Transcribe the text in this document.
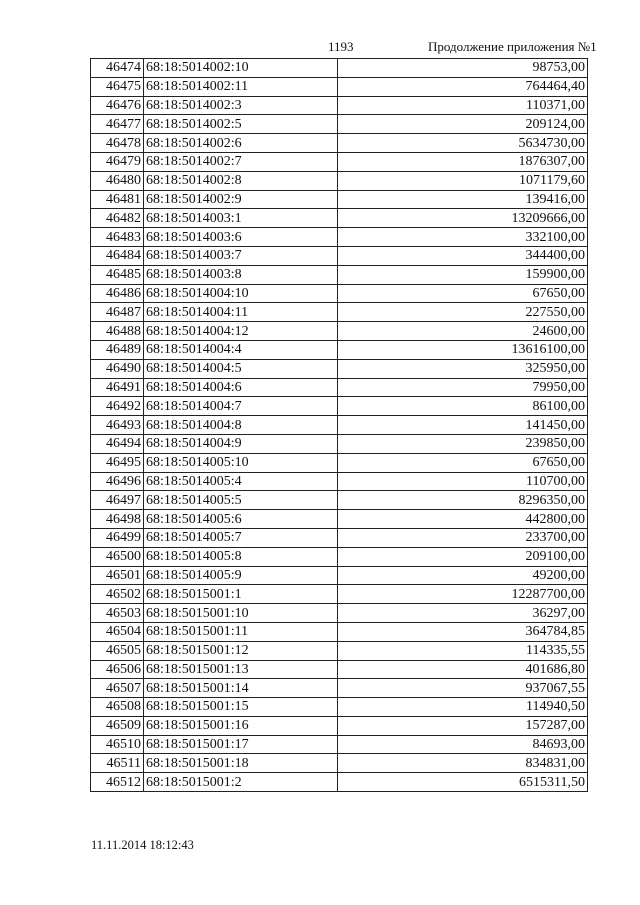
1193	Продолжение приложения №1
46474	68:18:5014002:10	98753,00
46475	68:18:5014002:11	764464,40
46476	68:18:5014002:3	110371,00
46477	68:18:5014002:5	209124,00
46478	68:18:5014002:6	5634730,00
46479	68:18:5014002:7	1876307,00
46480	68:18:5014002:8	1071179,60
46481	68:18:5014002:9	139416,00
46482	68:18:5014003:1	13209666,00
46483	68:18:5014003:6	332100,00
46484	68:18:5014003:7	344400,00
46485	68:18:5014003:8	159900,00
46486	68:18:5014004:10	67650,00
46487	68:18:5014004:11	227550,00
46488	68:18:5014004:12	24600,00
46489	68:18:5014004:4	13616100,00
46490	68:18:5014004:5	325950,00
46491	68:18:5014004:6	79950,00
46492	68:18:5014004:7	86100,00
46493	68:18:5014004:8	141450,00
46494	68:18:5014004:9	239850,00
46495	68:18:5014005:10	67650,00
46496	68:18:5014005:4	110700,00
46497	68:18:5014005:5	8296350,00
46498	68:18:5014005:6	442800,00
46499	68:18:5014005:7	233700,00
46500	68:18:5014005:8	209100,00
46501	68:18:5014005:9	49200,00
46502	68:18:5015001:1	12287700,00
46503	68:18:5015001:10	36297,00
46504	68:18:5015001:11	364784,85
46505	68:18:5015001:12	114335,55
46506	68:18:5015001:13	401686,80
46507	68:18:5015001:14	937067,55
46508	68:18:5015001:15	114940,50
46509	68:18:5015001:16	157287,00
46510	68:18:5015001:17	84693,00
46511	68:18:5015001:18	834831,00
46512	68:18:5015001:2	6515311,50
11.11.2014 18:12:43
